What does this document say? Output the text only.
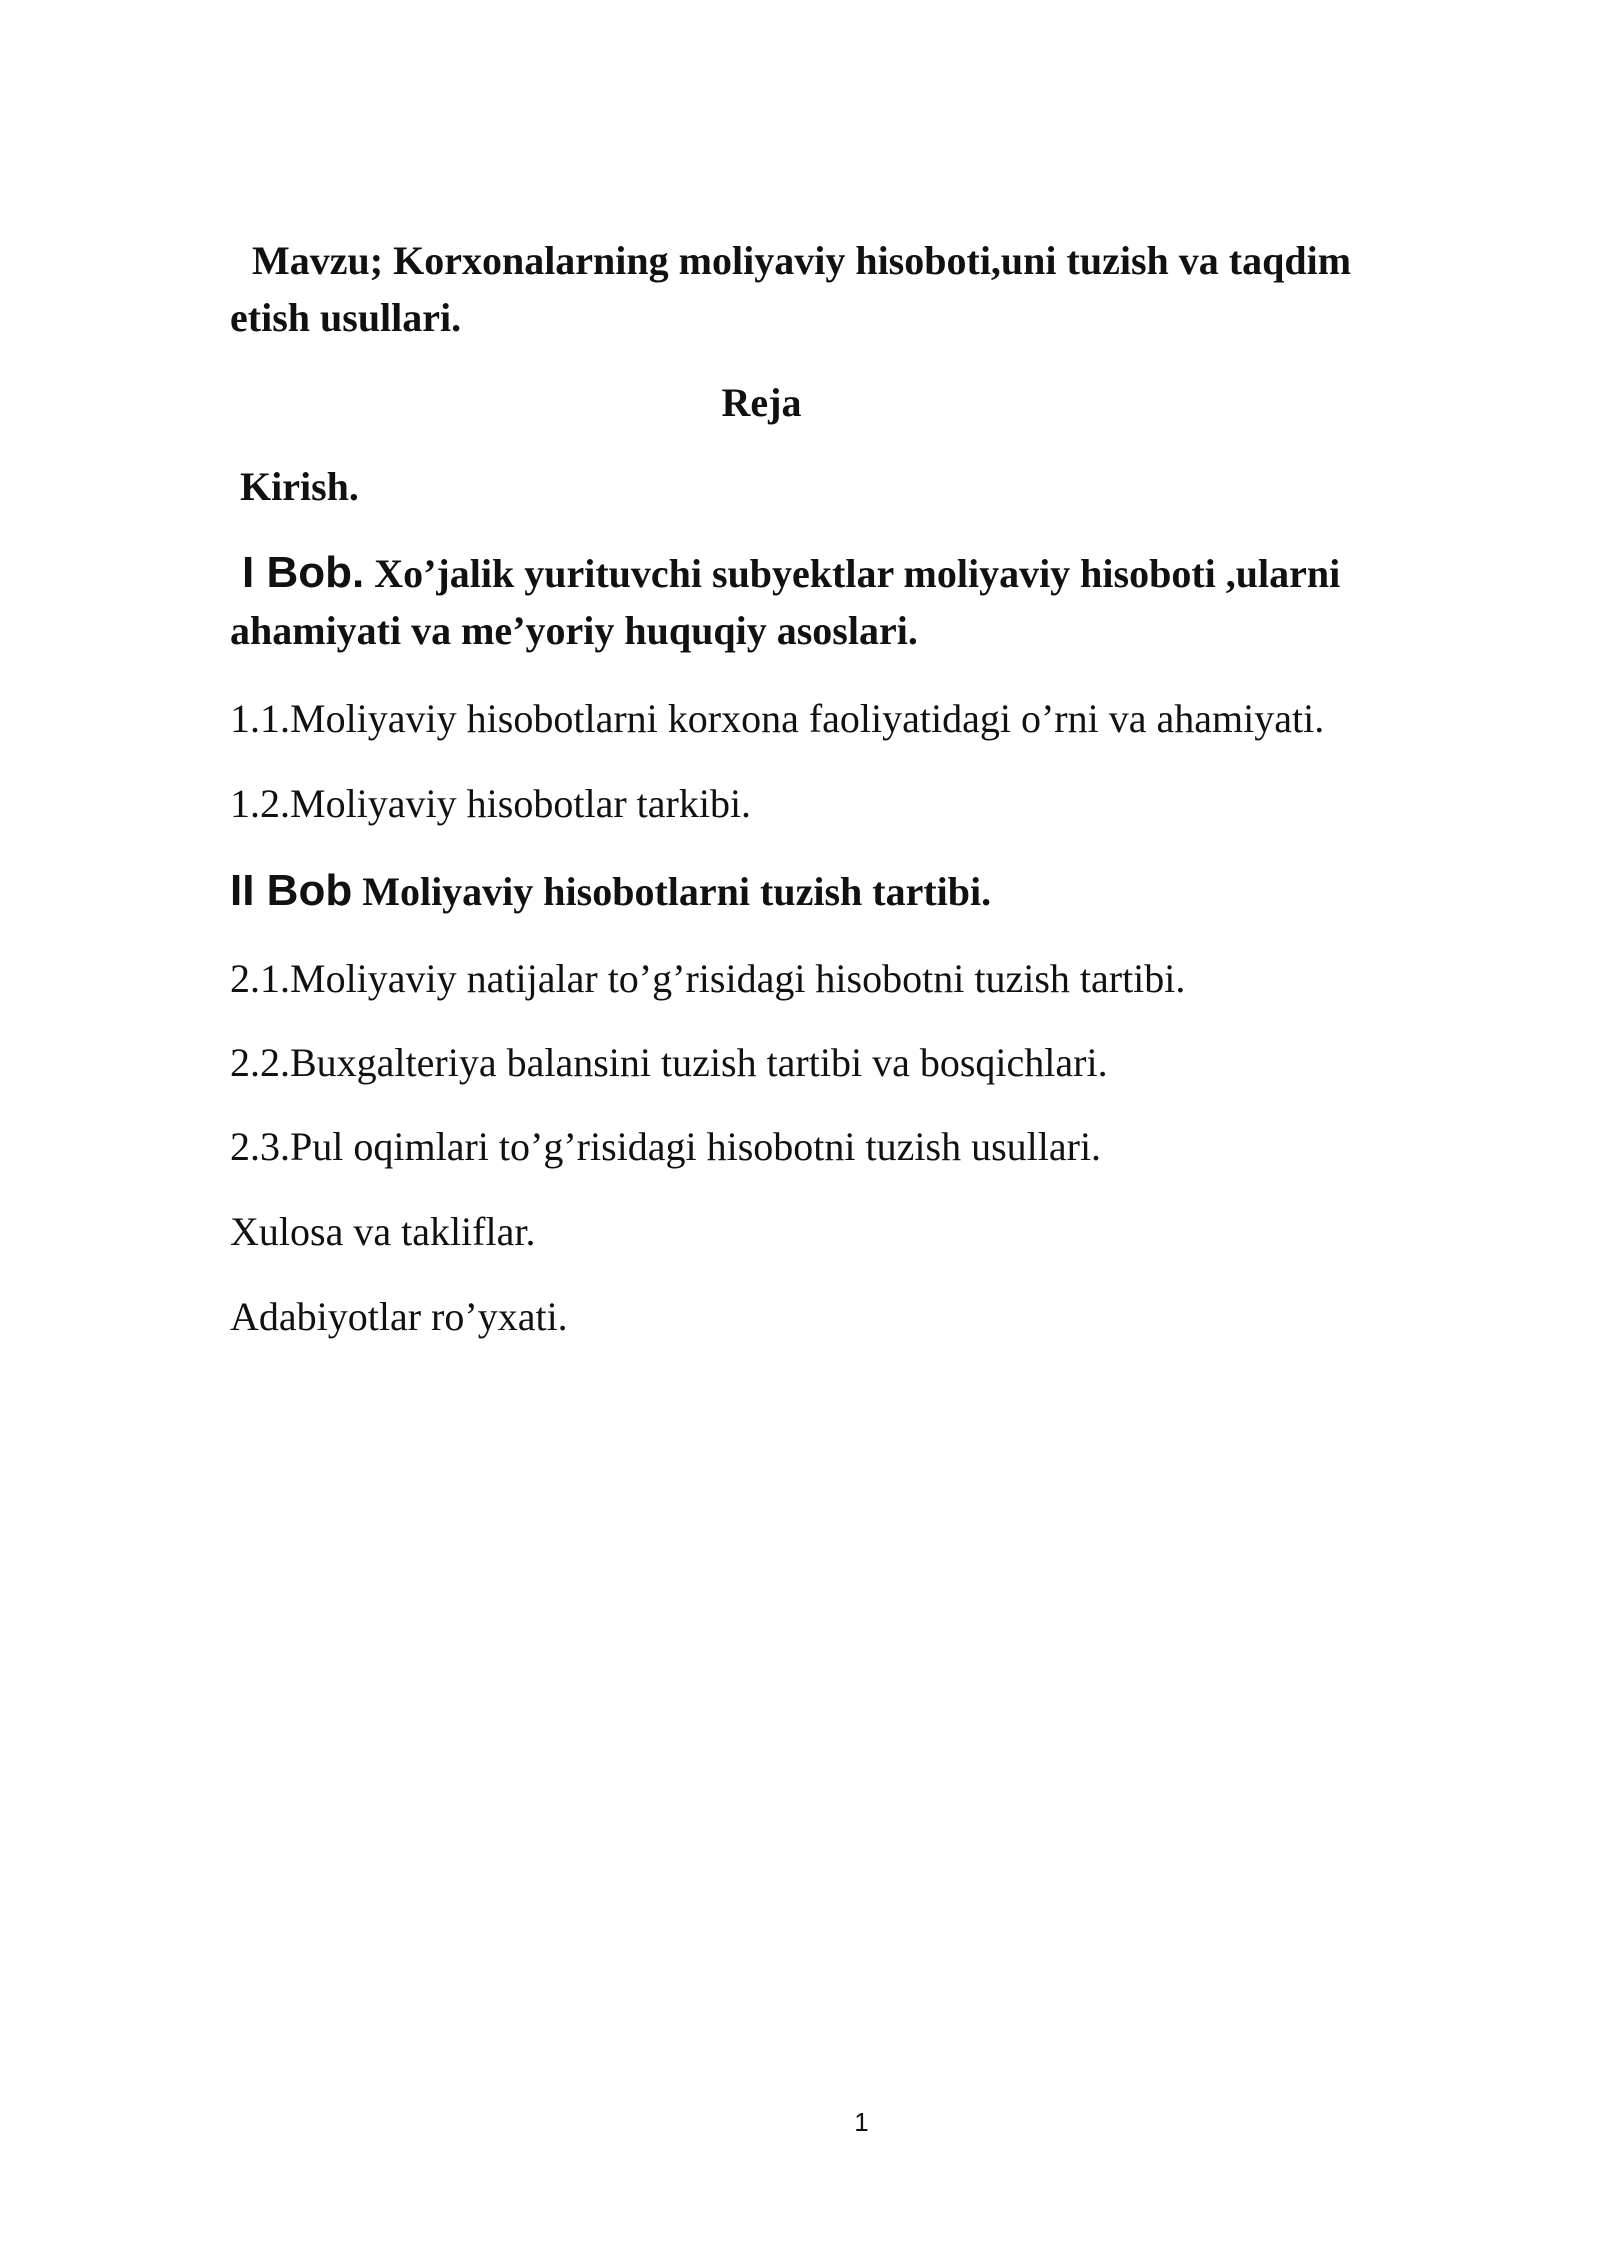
Mavzu; Korxonalarning moliyaviy hisoboti,uni tuzish va taqdim
etish usullari.
Reja
Kirish.
I Bob. Xo’jalik yurituvchi subyektlar moliyaviy hisoboti ,ularni
ahamiyati va me’yoriy huquqiy asoslari.
1.1.Moliyaviy hisobotlarni korxona faoliyatidagi o’rni va ahamiyati.
1.2.Moliyaviy hisobotlar tarkibi.
II Bob Moliyaviy hisobotlarni tuzish tartibi.
2.1.Moliyaviy natijalar to’g’risidagi hisobotni tuzish tartibi.
2.2.Buxgalteriya balansini tuzish tartibi va bosqichlari.
2.3.Pul oqimlari to’g’risidagi hisobotni tuzish usullari.
Xulosa va takliflar.
Adabiyotlar ro’yxati.
1
